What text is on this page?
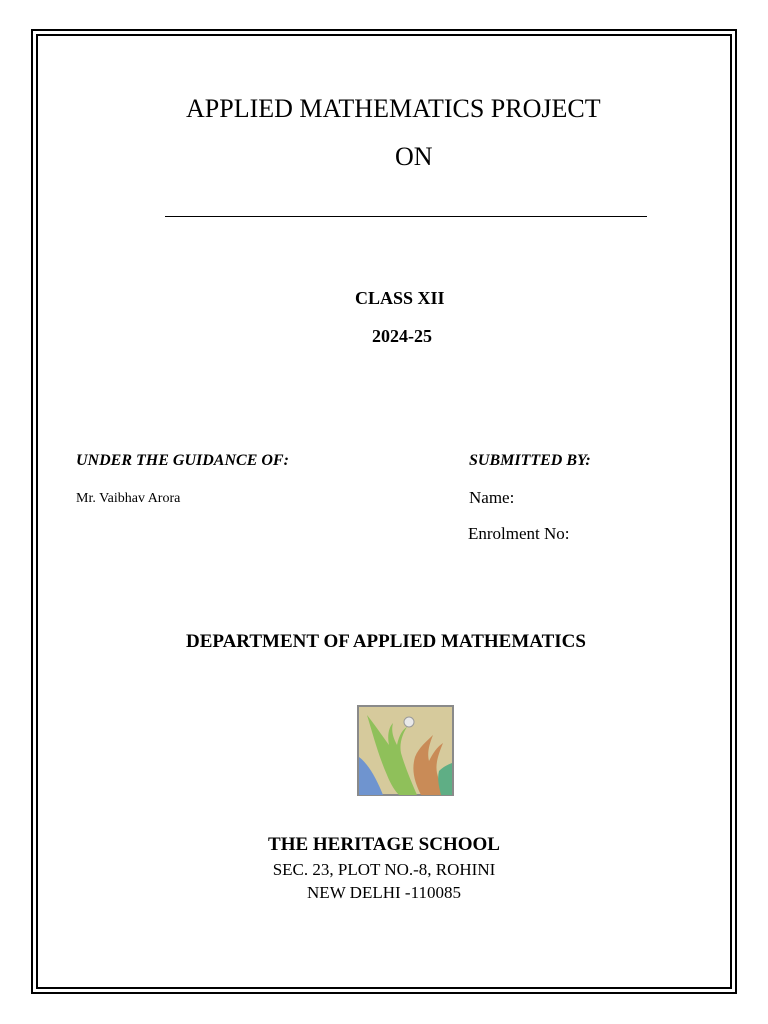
APPLIED MATHEMATICS PROJECT
ON
CLASS XII
2024-25
UNDER THE GUIDANCE OF:
Mr. Vaibhav Arora
SUBMITTED BY:
Name:
Enrolment No:
DEPARTMENT OF APPLIED MATHEMATICS
THE HERITAGE SCHOOL
SEC. 23, PLOT NO.-8, ROHINI
NEW DELHI -110085
